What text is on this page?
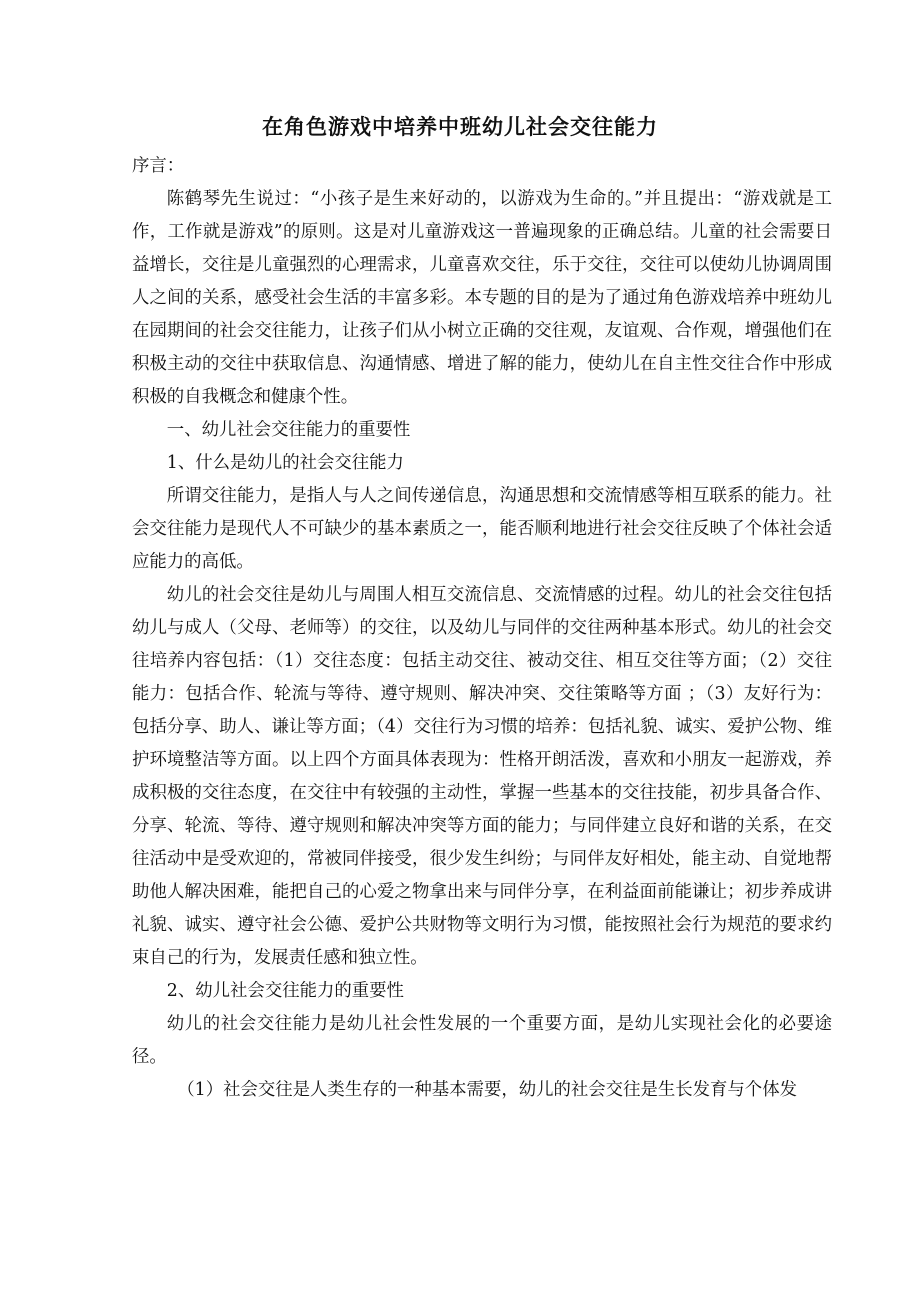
在角色游戏中培养中班幼儿社会交往能力

序言：

陈鹤琴先生说过：“小孩子是生来好动的，以游戏为生命的。”并且提出：“游戏就是工作，工作就是游戏”的原则。这是对儿童游戏这一普遍现象的正确总结。儿童的社会需要日益增长，交往是儿童强烈的心理需求，儿童喜欢交往，乐于交往，交往可以使幼儿协调周围人之间的关系，感受社会生活的丰富多彩。本专题的目的是为了通过角色游戏培养中班幼儿在园期间的社会交往能力，让孩子们从小树立正确的交往观，友谊观、合作观，增强他们在积极主动的交往中获取信息、沟通情感、增进了解的能力，使幼儿在自主性交往合作中形成积极的自我概念和健康个性。

一、幼儿社会交往能力的重要性

1、什么是幼儿的社会交往能力

所谓交往能力，是指人与人之间传递信息，沟通思想和交流情感等相互联系的能力。社会交往能力是现代人不可缺少的基本素质之一，能否顺利地进行社会交往反映了个体社会适应能力的高低。

幼儿的社会交往是幼儿与周围人相互交流信息、交流情感的过程。幼儿的社会交往包括幼儿与成人（父母、老师等）的交往，以及幼儿与同伴的交往两种基本形式。幼儿的社会交往培养内容包括：（1）交往态度：包括主动交往、被动交往、相互交往等方面；（2）交往能力：包括合作、轮流与等待、遵守规则、解决冲突、交往策略等方面 ；（3）友好行为：包括分享、助人、谦让等方面；（4）交往行为习惯的培养：包括礼貌、诚实、爱护公物、维护环境整洁等方面。以上四个方面具体表现为：性格开朗活泼，喜欢和小朋友一起游戏，养成积极的交往态度，在交往中有较强的主动性，掌握一些基本的交往技能，初步具备合作、分享、轮流、等待、遵守规则和解决冲突等方面的能力；与同伴建立良好和谐的关系，在交往活动中是受欢迎的，常被同伴接受，很少发生纠纷；与同伴友好相处，能主动、自觉地帮助他人解决困难，能把自己的心爱之物拿出来与同伴分享，在利益面前能谦让；初步养成讲礼貌、诚实、遵守社会公德、爱护公共财物等文明行为习惯，能按照社会行为规范的要求约束自己的行为，发展责任感和独立性。

2、幼儿社会交往能力的重要性

幼儿的社会交往能力是幼儿社会性发展的一个重要方面，是幼儿实现社会化的必要途径。

（1）社会交往是人类生存的一种基本需要，幼儿的社会交往是生长发育与个体发
